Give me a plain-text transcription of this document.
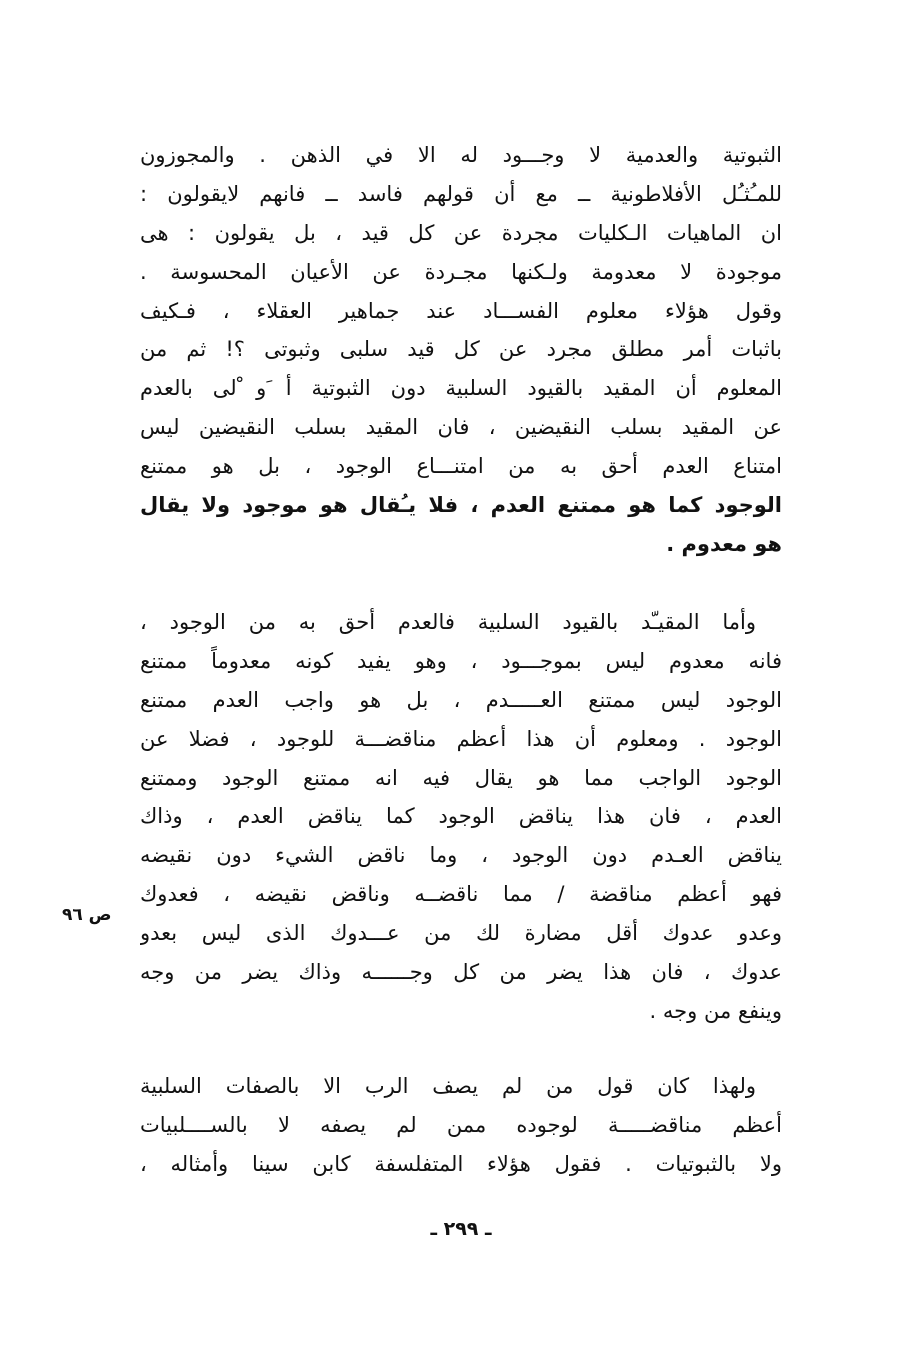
الثبوتية والعدمية لا وجـــود له الا في الذهن . والمجوزون
للمـُثـُل الأفلاطونية ــ مع أن قولهم فاسد ــ فانهم لايقولون :
ان الماهيات الـكليات مجردة عن كل قيد ، بل يقولون : هى
موجودة لا معدومة ولـكنها مجـردة عن الأعيان المحسوسة .
وقول هؤلاء معلوم الفســـاد عند جماهير العقلاء ، فـكيف
باثبات أمر مطلق مجرد عن كل قيد سلبى وثبوتى ؟! ثم من
المعلوم أن المقيد بالقيود السلبية دون الثبوتية أ َو ْلى بالعدم
عن المقيد بسلب النقيضين ، فان المقيد بسلب النقيضين ليس
امتناع العدم أحق به من امتنـــاع الوجود ، بل هو ممتنع
الوجود كما هو ممتنع العدم ، فلا يـُقال هو موجود ولا يقال
هو معدوم .
وأما المقيـّد بالقيود السلبية فالعدم أحق به من الوجود ،
فانه معدوم ليس بموجـــود ، وهو يفيد كونه معدوماً ممتنع
الوجود ليس ممتنع العـــــدم ، بل هو واجب العدم ممتنع
الوجود . ومعلوم أن هذا أعظم مناقضـــة للوجود ، فضلا عن
الوجود الواجب مما هو يقال فيه انه ممتنع الوجود وممتنع
العدم ، فان هذا يناقض الوجود كما يناقض العدم ، وذاك
يناقض العـدم دون الوجود ، وما ناقض الشيء دون نقيضه
فهو أعظم مناقضة / مما ناقضــه وناقض نقيضه ، فعدوك
وعدو عدوك أقل مضارة لك من عـــدوك الذى ليس بعدو
عدوك ، فان هذا يضر من كل وجــــــه وذاك يضر من وجه
وينفع من وجه .
ولهذا كان قول من لم يصف الرب الا بالصفات السلبية
أعظم مناقضـــــة لوجوده ممن لم يصفه لا بالســــلبيات
ولا بالثبوتيات . فقول هؤلاء المتفلسفة كابن سينا وأمثاله ،
ص ٩٦
ـ ٢٩٩ ـ
